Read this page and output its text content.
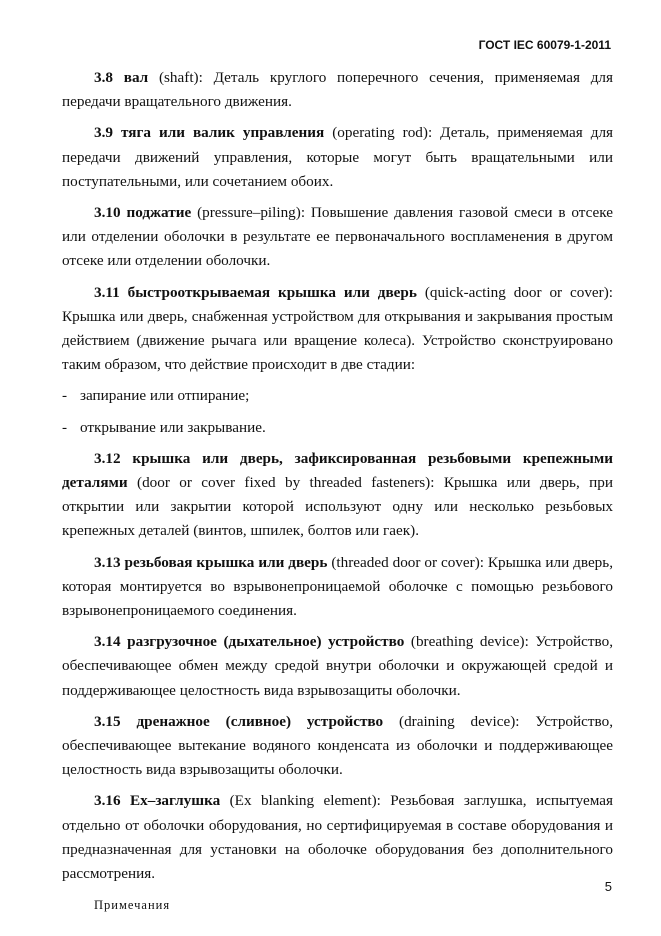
ГОСТ IEC 60079-1-2011

3.8 вал (shaft): Деталь круглого поперечного сечения, применяемая для передачи вращательного движения.

3.9 тяга или валик управления (operating rod): Деталь, применяемая для передачи движений управления, которые могут быть вращательными или поступательными, или сочетанием обоих.

3.10 поджатие (pressure–piling): Повышение давления газовой смеси в отсеке или отделении оболочки в результате ее первоначального воспламенения в другом отсеке или отделении оболочки.

3.11 быстрооткрываемая крышка или дверь (quick-acting door or cover): Крышка или дверь, снабженная устройством для открывания и закрывания простым действием (движение рычага или вращение колеса). Устройство сконструировано таким образом, что действие происходит в две стадии:

- запирание или отпирание;
- открывание или закрывание.

3.12 крышка или дверь, зафиксированная резьбовыми крепежными деталями (door or cover fixed by threaded fasteners): Крышка или дверь, при открытии или закрытии которой используют одну или несколько резьбовых крепежных деталей (винтов, шпилек, болтов или гаек).

3.13 резьбовая крышка или дверь (threaded door or cover): Крышка или дверь, которая монтируется во взрывонепроницаемой оболочке с помощью резьбового взрывонепроницаемого соединения.

3.14 разгрузочное (дыхательное) устройство (breathing device): Устройство, обеспечивающее обмен между средой внутри оболочки и окружающей средой и поддерживающее целостность вида взрывозащиты оболочки.

3.15 дренажное (сливное) устройство (draining device): Устройство, обеспечивающее вытекание водяного конденсата из оболочки и поддерживающее целостность вида взрывозащиты оболочки.

3.16 Ex–заглушка (Ex blanking element): Резьбовая заглушка, испытуемая отдельно от оболочки оборудования, но сертифицируемая в составе оборудования и предназначенная для установки на оболочке оборудования без дополнительного рассмотрения.

Примечания
5
